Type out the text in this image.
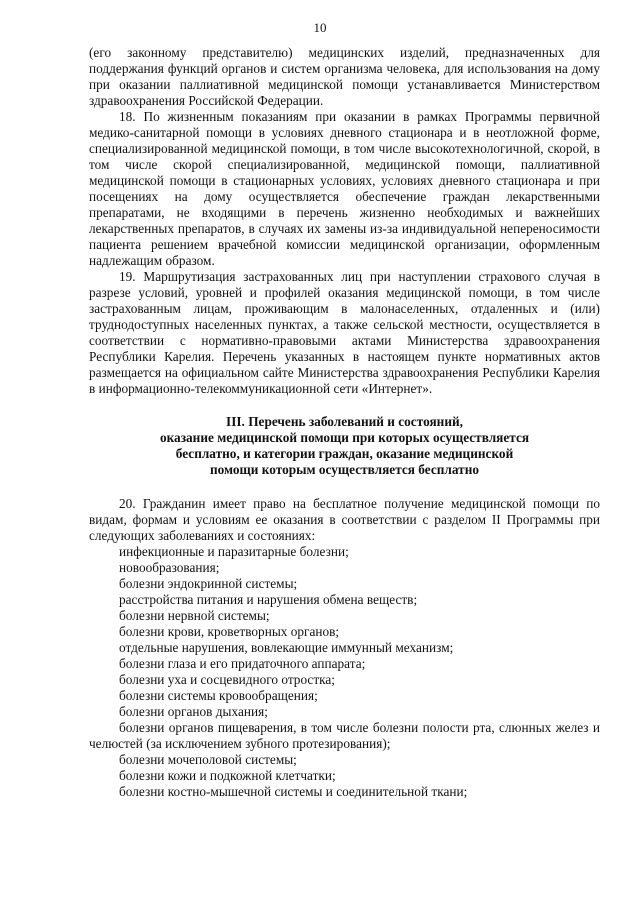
10

(его законному представителю) медицинских изделий, предназначенных для поддержания функций органов и систем организма человека, для использования на дому при оказании паллиативной медицинской помощи устанавливается Министерством здравоохранения Российской Федерации.

18. По жизненным показаниям при оказании в рамках Программы первичной медико-санитарной помощи в условиях дневного стационара и в неотложной форме, специализированной медицинской помощи, в том числе высокотехнологичной, скорой, в том числе скорой специализированной, медицинской помощи, паллиативной медицинской помощи в стационарных условиях, условиях дневного стационара и при посещениях на дому осуществляется обеспечение граждан лекарственными препаратами, не входящими в перечень жизненно необходимых и важнейших лекарственных препаратов, в случаях их замены из-за индивидуальной непереносимости пациента решением врачебной комиссии медицинской организации, оформленным надлежащим образом.

19. Маршрутизация застрахованных лиц при наступлении страхового случая в разрезе условий, уровней и профилей оказания медицинской помощи, в том числе застрахованным лицам, проживающим в малонаселенных, отдаленных и (или) труднодоступных населенных пунктах, а также сельской местности, осуществляется в соответствии с нормативно-правовыми актами Министерства здравоохранения Республики Карелия. Перечень указанных в настоящем пункте нормативных актов размещается на официальном сайте Министерства здравоохранения Республики Карелия в информационно-телекоммуникационной сети «Интернет».

III. Перечень заболеваний и состояний,
оказание медицинской помощи при которых осуществляется
бесплатно, и категории граждан, оказание медицинской
помощи которым осуществляется бесплатно

20. Гражданин имеет право на бесплатное получение медицинской помощи по видам, формам и условиям ее оказания в соответствии с разделом II Программы при следующих заболеваниях и состояниях:

инфекционные и паразитарные болезни;
новообразования;
болезни эндокринной системы;
расстройства питания и нарушения обмена веществ;
болезни нервной системы;
болезни крови, кроветворных органов;
отдельные нарушения, вовлекающие иммунный механизм;
болезни глаза и его придаточного аппарата;
болезни уха и сосцевидного отростка;
болезни системы кровообращения;
болезни органов дыхания;
болезни органов пищеварения, в том числе болезни полости рта, слюнных желез и челюстей (за исключением зубного протезирования);
болезни мочеполовой системы;
болезни кожи и подкожной клетчатки;
болезни костно-мышечной системы и соединительной ткани;
